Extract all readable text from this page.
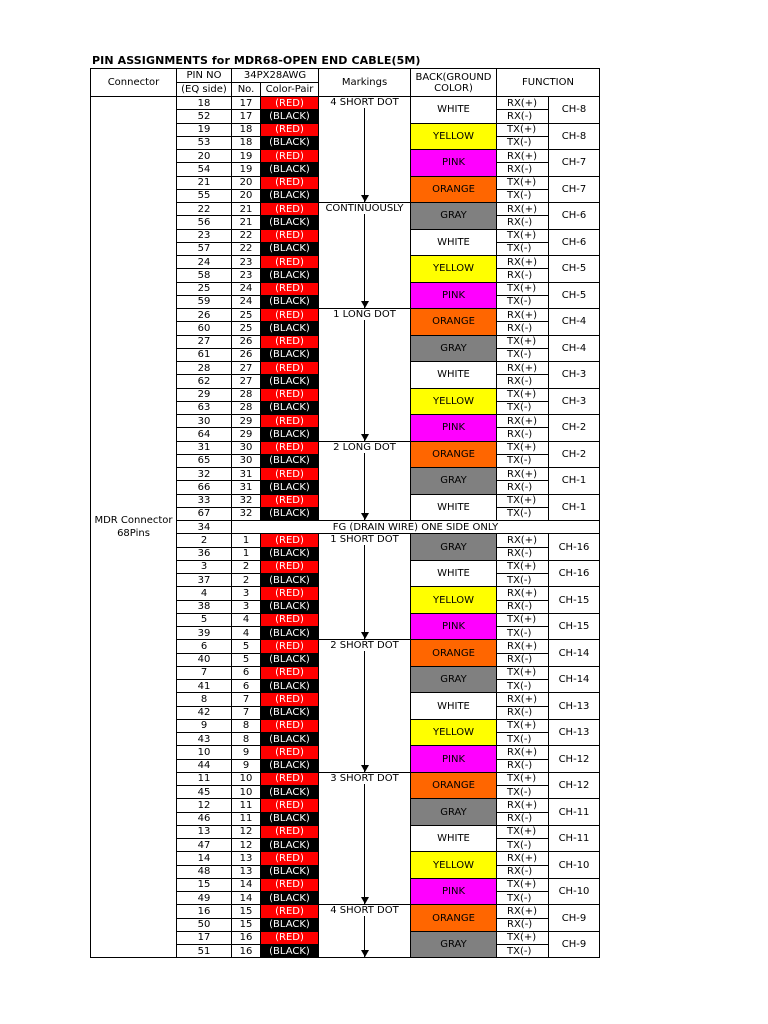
PIN ASSIGNMENTS for MDR68-OPEN END CABLE(5M)
Connector	PIN NO	34PX28AWG		Markings	BACK(GROUND
COLOR)	FUNCTION	
	(EQ side)	No.	Color-Pair				

MDR Connector
68Pins	18	17	(RED)	4 SHORT DOT	WHITE	RX(+)	CH-8
	52	17	(BLACK)			RX(-)	
	19	18	(RED)		YELLOW	TX(+)	CH-8
	53	18	(BLACK)			TX(-)	
	20	19	(RED)		PINK	RX(+)	CH-7
	54	19	(BLACK)			RX(-)	
	21	20	(RED)		ORANGE	TX(+)	CH-7
	55	20	(BLACK)			TX(-)	
	22	21	(RED)	CONTINUOUSLY	GRAY	RX(+)	CH-6
	56	21	(BLACK)			RX(-)	
	23	22	(RED)		WHITE	TX(+)	CH-6
	57	22	(BLACK)			TX(-)	
	24	23	(RED)		YELLOW	RX(+)	CH-5
	58	23	(BLACK)			RX(-)	
	25	24	(RED)		PINK	TX(+)	CH-5
	59	24	(BLACK)			TX(-)	
	26	25	(RED)	1 LONG DOT	ORANGE	RX(+)	CH-4
	60	25	(BLACK)			RX(-)	
	27	26	(RED)		GRAY	TX(+)	CH-4
	61	26	(BLACK)			TX(-)	
	28	27	(RED)		WHITE	RX(+)	CH-3
	62	27	(BLACK)			RX(-)	
	29	28	(RED)		YELLOW	TX(+)	CH-3
	63	28	(BLACK)			TX(-)	
	30	29	(RED)		PINK	RX(+)	CH-2
	64	29	(BLACK)			RX(-)	
	31	30	(RED)	2 LONG DOT	ORANGE	TX(+)	CH-2
	65	30	(BLACK)			TX(-)	
	32	31	(RED)		GRAY	RX(+)	CH-1
	66	31	(BLACK)			RX(-)	
	33	32	(RED)		WHITE	TX(+)	CH-1
	67	32	(BLACK)			TX(-)	
	34	FG (DRAIN WIRE) ONE SIDE ONLY					
	2	1	(RED)	1 SHORT DOT	GRAY	RX(+)	CH-16
	36	1	(BLACK)			RX(-)	
	3	2	(RED)		WHITE	TX(+)	CH-16
	37	2	(BLACK)			TX(-)	
	4	3	(RED)		YELLOW	RX(+)	CH-15
	38	3	(BLACK)			RX(-)	
	5	4	(RED)		PINK	TX(+)	CH-15
	39	4	(BLACK)			TX(-)	
	6	5	(RED)	2 SHORT DOT	ORANGE	RX(+)	CH-14
	40	5	(BLACK)			RX(-)	
	7	6	(RED)		GRAY	TX(+)	CH-14
	41	6	(BLACK)			TX(-)	
	8	7	(RED)		WHITE	RX(+)	CH-13
	42	7	(BLACK)			RX(-)	
	9	8	(RED)		YELLOW	TX(+)	CH-13
	43	8	(BLACK)			TX(-)	
	10	9	(RED)		PINK	RX(+)	CH-12
	44	9	(BLACK)			RX(-)	
	11	10	(RED)	3 SHORT DOT	ORANGE	TX(+)	CH-12
	45	10	(BLACK)			TX(-)	
	12	11	(RED)		GRAY	RX(+)	CH-11
	46	11	(BLACK)			RX(-)	
	13	12	(RED)		WHITE	TX(+)	CH-11
	47	12	(BLACK)			TX(-)	
	14	13	(RED)		YELLOW	RX(+)	CH-10
	48	13	(BLACK)			RX(-)	
	15	14	(RED)		PINK	TX(+)	CH-10
	49	14	(BLACK)			TX(-)	
	16	15	(RED)	4 SHORT DOT	ORANGE	RX(+)	CH-9
	50	15	(BLACK)			RX(-)	
	17	16	(RED)		GRAY	TX(+)	CH-9
	51	16	(BLACK)			TX(-)	
